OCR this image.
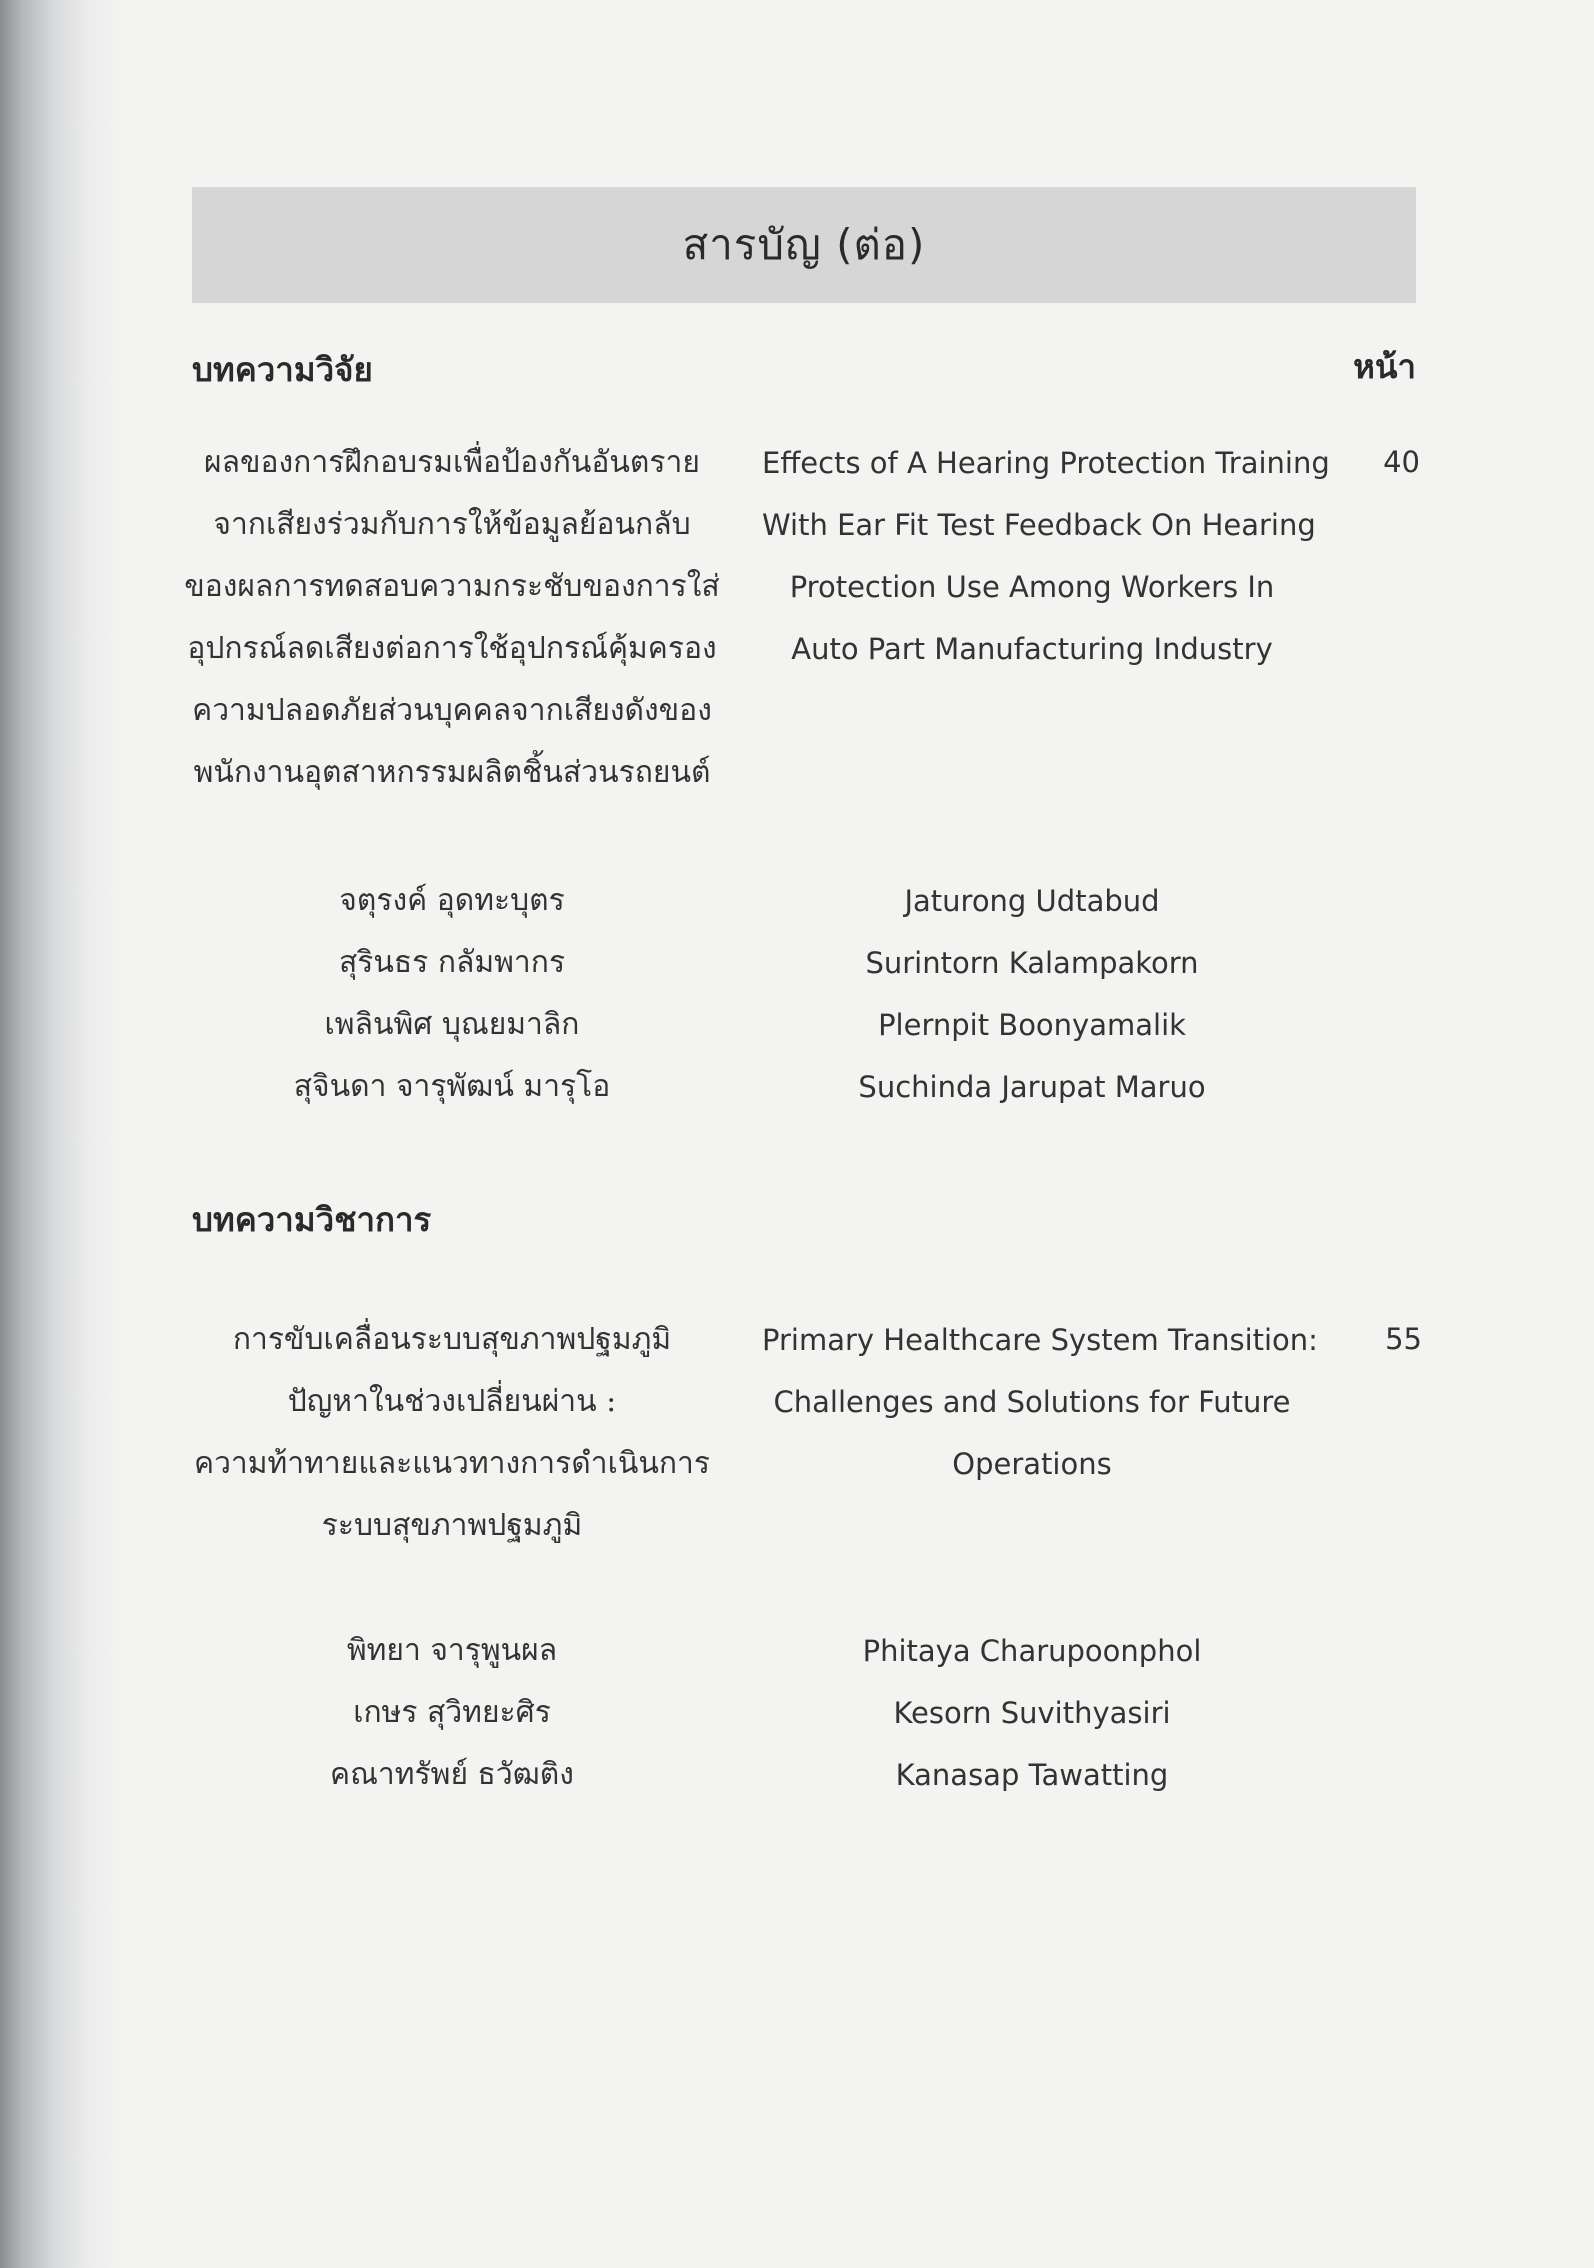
สารบัญ (ต่อ)
บทความวิจัย	หน้า
ผลของการฝึกอบรมเพื่อป้องกันอันตราย
จากเสียงร่วมกับการให้ข้อมูลย้อนกลับ
ของผลการทดสอบความกระชับของการใส่
อุปกรณ์ลดเสียงต่อการใช้อุปกรณ์คุ้มครอง
ความปลอดภัยส่วนบุคคลจากเสียงดังของ
พนักงานอุตสาหกรรมผลิตชิ้นส่วนรถยนต์
Effects of A Hearing Protection Training
With Ear Fit Test Feedback On Hearing
Protection Use Among Workers In
Auto Part Manufacturing Industry
40
จตุรงค์ อุดทะบุตร
สุรินธร กลัมพากร
เพลินพิศ บุณยมาลิก
สุจินดา จารุพัฒน์ มารุโอ
Jaturong Udtabud
Surintorn Kalampakorn
Plernpit Boonyamalik
Suchinda Jarupat Maruo
บทความวิชาการ
การขับเคลื่อนระบบสุขภาพปฐมภูมิ
ปัญหาในช่วงเปลี่ยนผ่าน :
ความท้าทายและแนวทางการดำเนินการ
ระบบสุขภาพปฐมภูมิ
Primary Healthcare System Transition:
Challenges and Solutions for Future
Operations
55
พิทยา จารุพูนผล
เกษร สุวิทยะศิร
คณาทรัพย์ ธวัฒติง
Phitaya Charupoonphol
Kesorn Suvithyasiri
Kanasap Tawatting
